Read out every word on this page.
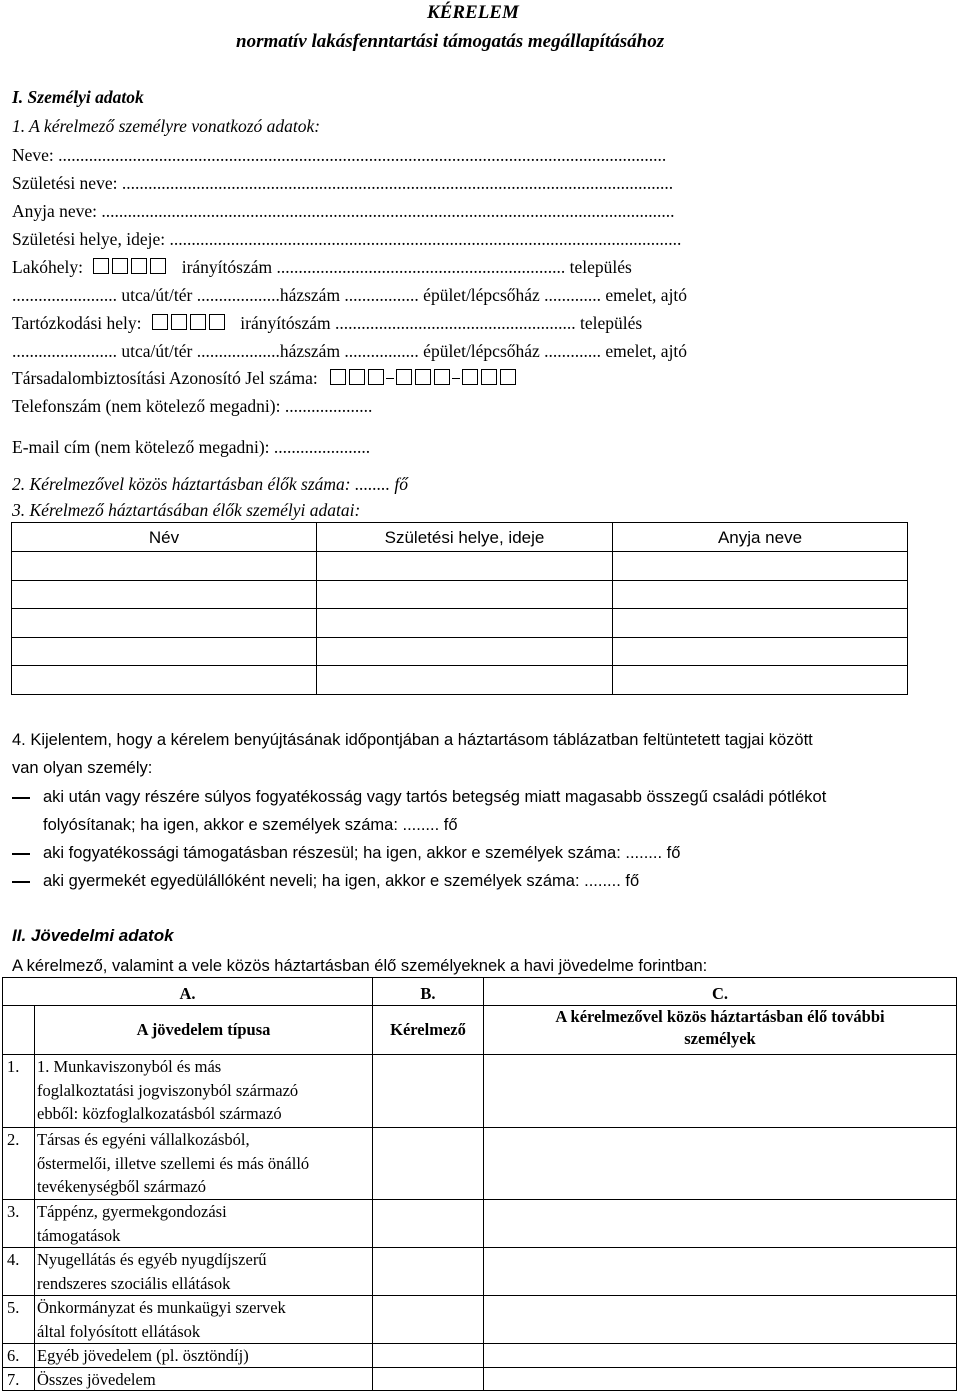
KÉRELEM
normatív lakásfenntartási támogatás megállapításához
I. Személyi adatok
1. A kérelmező személyre vonatkozó adatok:
Neve: ...........................................................................................................................................
Születési neve: ..............................................................................................................................
Anyja neve: ...................................................................................................................................
Születési helye, ideje: .....................................................................................................................
Lakóhely:	irányítószám .................................................................. település
........................ utca/út/tér ...................házszám ................. épület/lépcsőház ............. emelet, ajtó
Tartózkodási hely:	irányítószám ....................................................... település
........................ utca/út/tér ...................házszám ................. épület/lépcsőház ............. emelet, ajtó
Társadalombiztosítási Azonosító Jel száma:
Telefonszám (nem kötelező megadni): ....................
E-mail cím (nem kötelező megadni): ......................
2. Kérelmezővel közös háztartásban élők száma: ........ fő
3. Kérelmező háztartásában élők személyi adatai:
Név	Születési helye, ideje	Anyja neve
4. Kijelentem, hogy a kérelem benyújtásának időpontjában a háztartásom táblázatban feltüntetett tagjai között
van olyan személy:
aki után vagy részére súlyos fogyatékosság vagy tartós betegség miatt magasabb összegű családi pótlékot
folyósítanak; ha igen, akkor e személyek száma: ........ fő
aki fogyatékossági támogatásban részesül; ha igen, akkor e személyek száma: ........ fő
aki gyermekét egyedülállóként neveli; ha igen, akkor e személyek száma: ........ fő
II. Jövedelmi adatok
A kérelmező, valamint a vele közös háztartásban élő személyeknek a havi jövedelme forintban:
A.	B.	C.
A jövedelem típusa	Kérelmező
A kérelmezővel közös háztartásban élő további
személyek
1. 1. Munkaviszonyból és más
foglalkoztatási jogviszonyból származó
ebből: közfoglalkozatásból származó
2. Társas és egyéni vállalkozásból,
őstermelői, illetve szellemi és más önálló
tevékenységből származó
3. Táppénz, gyermekgondozási
támogatások
4. Nyugellátás és egyéb nyugdíjszerű
rendszeres szociális ellátások
5. Önkormányzat és munkaügyi szervek
által folyósított ellátások
6. Egyéb jövedelem (pl. ösztöndíj)
7. Összes jövedelem
